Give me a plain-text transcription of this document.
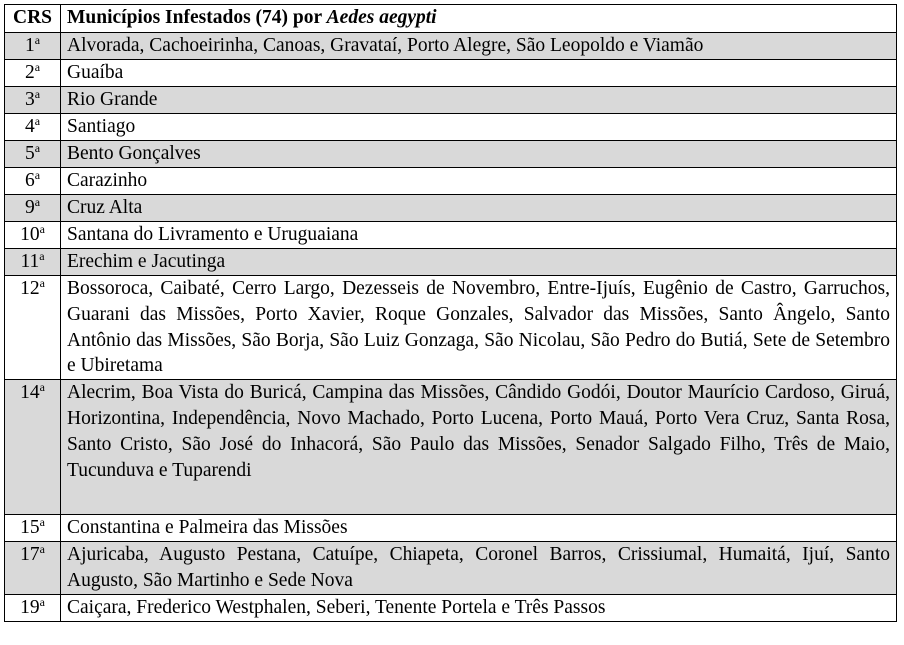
CRS	Municípios Infestados (74) por Aedes aegypti
1$^a$	Alvorada, Cachoeirinha, Canoas, Gravataí, Porto Alegre, São Leopoldo e Viamão
2$^a$	Guaíba
3$^a$	Rio Grande
4$^a$	Santiago
5$^a$	Bento Gonçalves
6$^a$	Carazinho
9$^a$	Cruz Alta
10$^a$	Santana do Livramento e Uruguaiana
11$^a$	Erechim e Jacutinga
12$^a$	Bossoroca, Caibaté, Cerro Largo, Dezesseis de Novembro, Entre-Ijuís, Eugênio de Castro, Garruchos, Guarani das Missões, Porto Xavier, Roque Gonzales, Salvador das Missões, Santo Ângelo, Santo Antônio das Missões, São Borja, São Luiz Gonzaga, São Nicolau, São Pedro do Butiá, Sete de Setembro e Ubiretama
14$^a$	Alecrim, Boa Vista do Buricá, Campina das Missões, Cândido Godói, Doutor Maurício Cardoso, Giruá, Horizontina, Independência, Novo Machado, Porto Lucena, Porto Mauá, Porto Vera Cruz, Santa Rosa, Santo Cristo, São José do Inhacorá, São Paulo das Missões, Senador Salgado Filho, Três de Maio, Tucunduva e Tuparendi
15$^a$	Constantina e Palmeira das Missões
17$^a$	Ajuricaba, Augusto Pestana, Catuípe, Chiapeta, Coronel Barros, Crissiumal, Humaitá, Ijuí, Santo Augusto, São Martinho e Sede Nova
19$^a$	Caiçara, Frederico Westphalen, Seberi, Tenente Portela e Três Passos
